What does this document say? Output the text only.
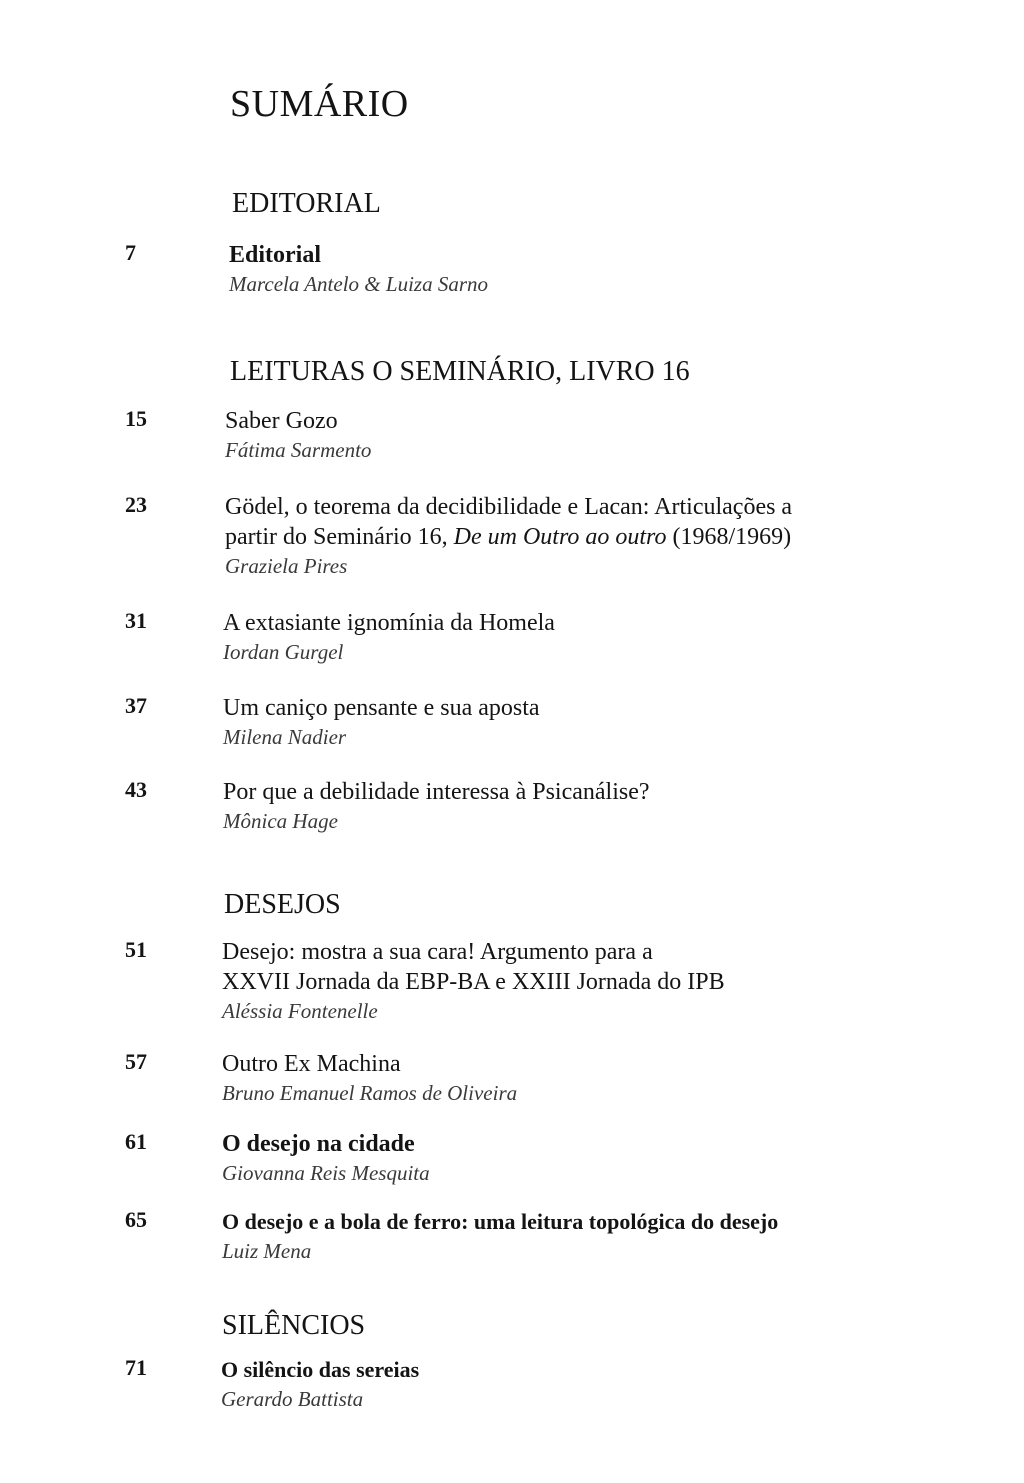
SUMÁRIO
EDITORIAL
7	Editorial
Marcela Antelo & Luiza Sarno
LEITURAS O SEMINÁRIO, LIVRO 16
15	Saber Gozo
Fátima Sarmento
23	Gödel, o teorema da decidibilidade e Lacan: Articulações a
partir do Seminário 16, De um Outro ao outro (1968/1969)
Graziela Pires
31	A extasiante ignomínia da Homela
Iordan Gurgel
37	Um caniço pensante e sua aposta
Milena Nadier
43	Por que a debilidade interessa à Psicanálise?
Mônica Hage
DESEJOS
51	Desejo: mostra a sua cara! Argumento para a
XXVII Jornada da EBP-BA e XXIII Jornada do IPB
Aléssia Fontenelle
57	Outro Ex Machina
Bruno Emanuel Ramos de Oliveira
61	O desejo na cidade
Giovanna Reis Mesquita
65	O desejo e a bola de ferro: uma leitura topológica do desejo
Luiz Mena
SILÊNCIOS
71	O silêncio das sereias
Gerardo Battista
